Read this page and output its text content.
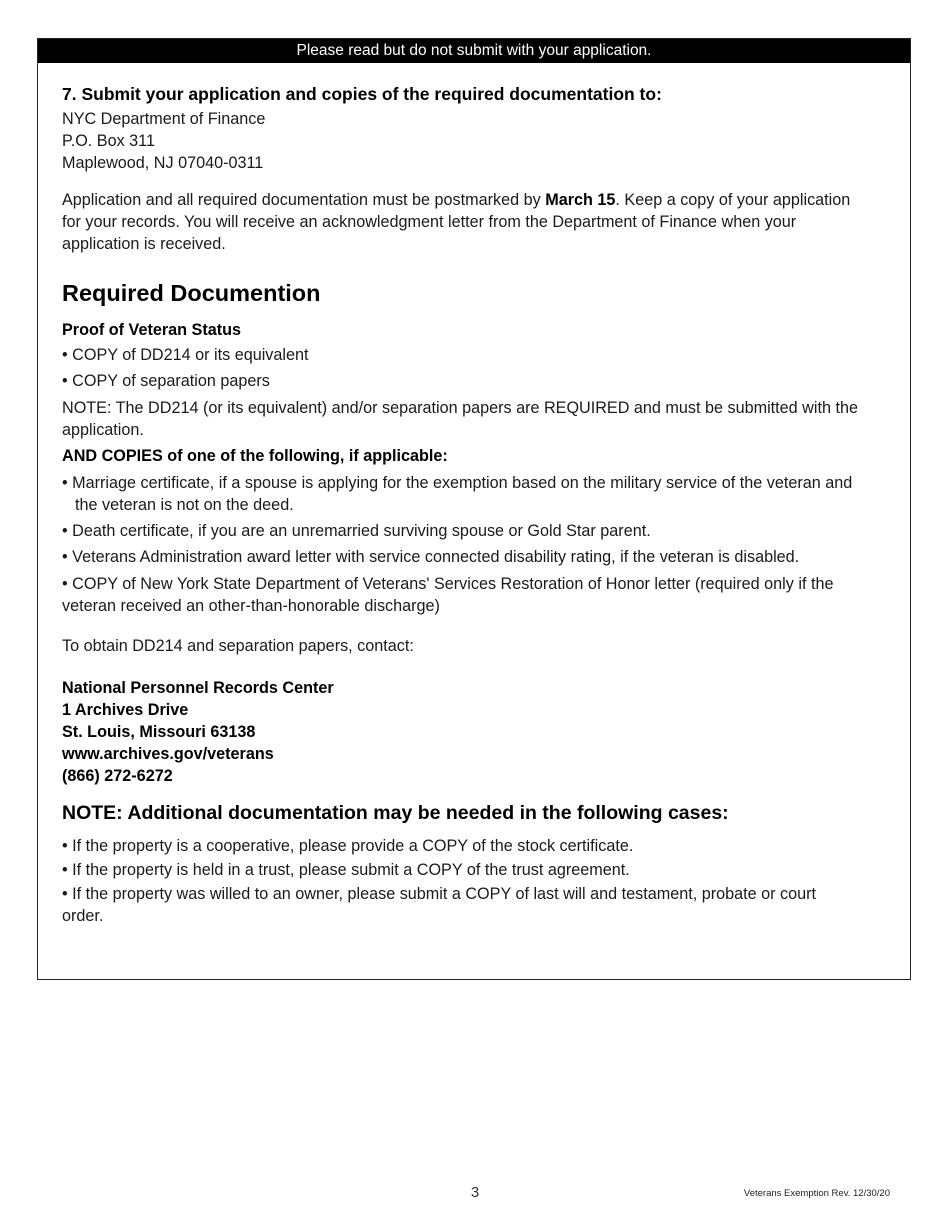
Please read but do not submit with your application.

7. Submit your application and copies of the required documentation to:

NYC Department of Finance

P.O. Box 311

Maplewood, NJ 07040-0311

Application and all required documentation must be postmarked by March 15. Keep a copy of your application

for your records. You will receive an acknowledgment letter from the Department of Finance when your

application is received.

Required Documention

Proof of Veteran Status

• COPY of DD214 or its equivalent

• COPY of separation papers

NOTE: The DD214 (or its equivalent) and/or separation papers are REQUIRED and must be submitted with the

application.

AND COPIES of one of the following, if applicable:

• Marriage certificate, if a spouse is applying for the exemption based on the military service of the veteran and

the veteran is not on the deed.

• Death certificate, if you are an unremarried surviving spouse or Gold Star parent.

• Veterans Administration award letter with service connected disability rating, if the veteran is disabled.

• COPY of New York State Department of Veterans' Services Restoration of Honor letter (required only if the

veteran received an other-than-honorable discharge)

To obtain DD214 and separation papers, contact:

National Personnel Records Center

1 Archives Drive

St. Louis, Missouri 63138

www.archives.gov/veterans

(866) 272-6272

NOTE: Additional documentation may be needed in the following cases:

• If the property is a cooperative, please provide a COPY of the stock certificate.

• If the property is held in a trust, please submit a COPY of the trust agreement.

• If the property was willed to an owner, please submit a COPY of last will and testament, probate or court

order.

3	Veterans Exemption Rev. 12/30/20
